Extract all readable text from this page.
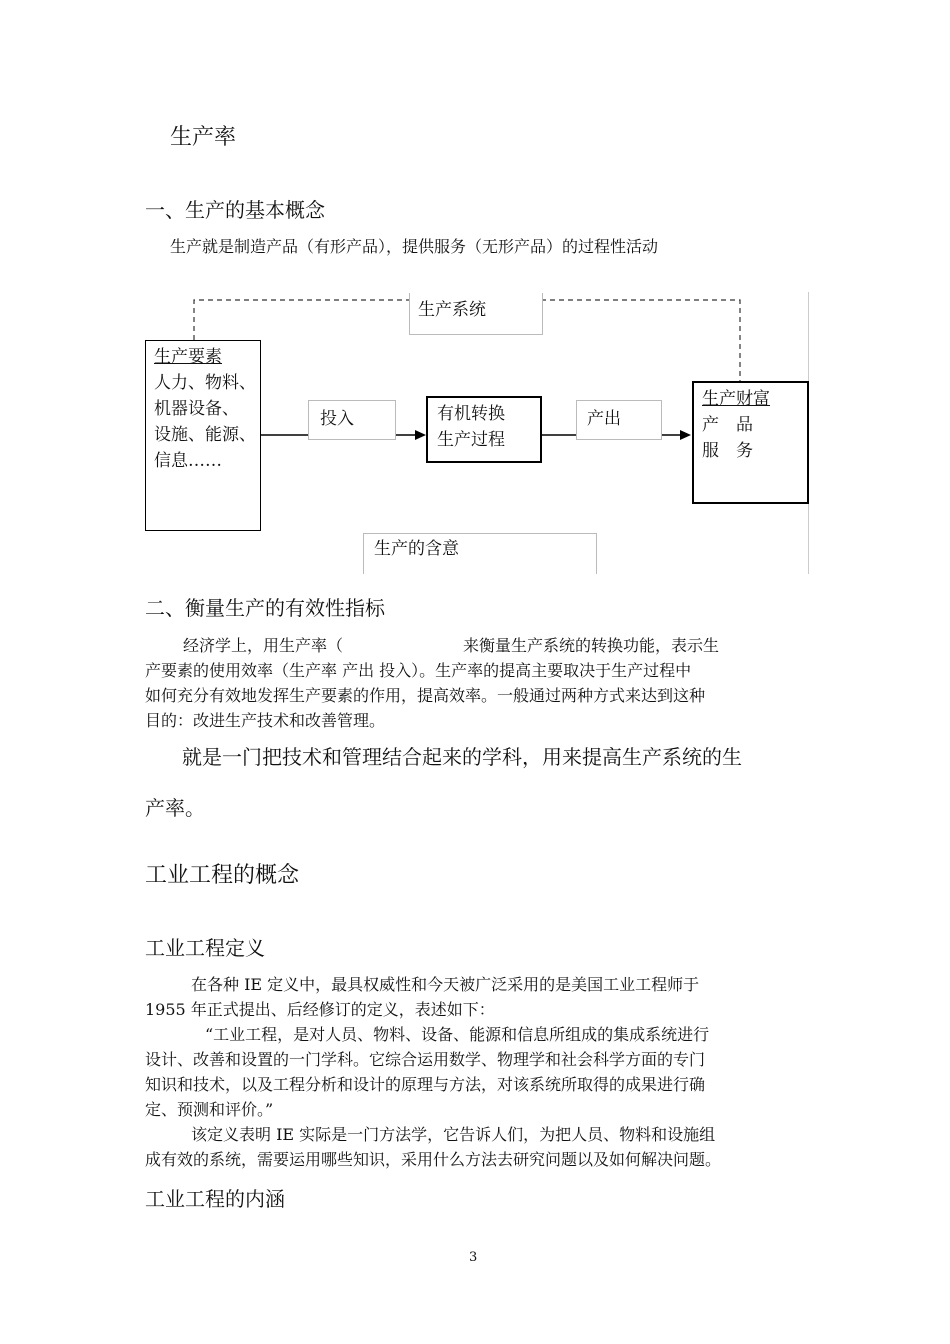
生产率
一、生产的基本概念
生产就是制造产品（有形产品），提供服务（无形产品）的过程性活动
生产系统
生产要素
人力、物料、
机器设备、
设施、能源、
信息……
投入	有机转换
生产过程
产出
生产财富
产　品
服　务
生产的含意
二、衡量生产的有效性指标
经济学上，用生产率（	来衡量生产系统的转换功能，表示生
产要素的使用效率（生产率 产出 投入）。生产率的提高主要取决于生产过程中
如何充分有效地发挥生产要素的作用，提高效率。一般通过两种方式来达到这种
目的：改进生产技术和改善管理。
就是一门把技术和管理结合起来的学科，用来提高生产系统的生
产率。
工业工程的概念
工业工程定义
在各种 IE 定义中，最具权威性和今天被广泛采用的是美国工业工程师于
1955 年正式提出、后经修订的定义，表述如下：
“工业工程，是对人员、物料、设备、能源和信息所组成的集成系统进行
设计、改善和设置的一门学科。它综合运用数学、物理学和社会科学方面的专门
知识和技术，以及工程分析和设计的原理与方法，对该系统所取得的成果进行确
定、预测和评价。”
该定义表明 IE 实际是一门方法学，它告诉人们，为把人员、物料和设施组
成有效的系统，需要运用哪些知识，采用什么方法去研究问题以及如何解决问题。
工业工程的内涵
3
